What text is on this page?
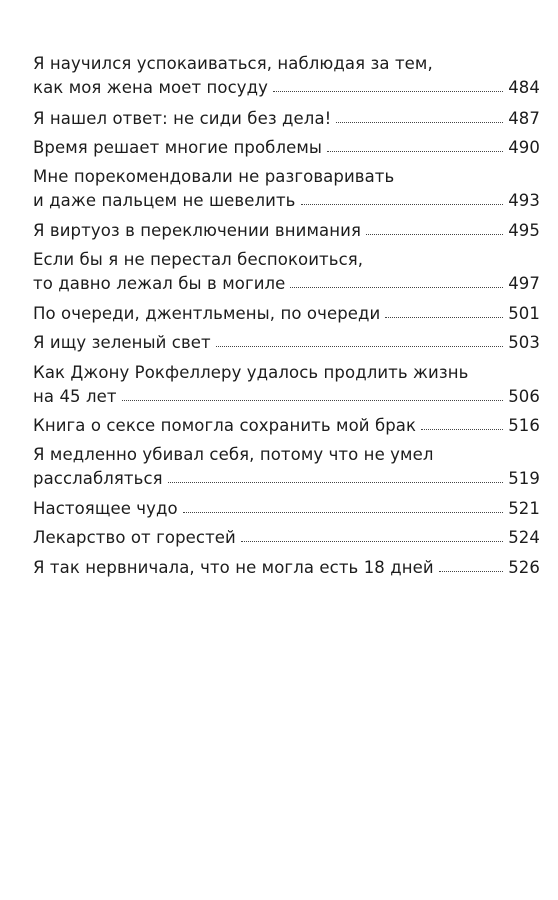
Я научился успокаиваться, наблюдая за тем,
как моя жена моет посуду	484
Я нашел ответ: не сиди без дела!	487
Время решает многие проблемы	490
Мне порекомендовали не разговаривать
и даже пальцем не шевелить	493
Я виртуоз в переключении внимания	495
Если бы я не перестал беспокоиться,
то давно лежал бы в могиле	497
По очереди, джентльмены, по очереди	501
Я ищу зеленый свет	503
Как Джону Рокфеллеру удалось продлить жизнь
на 45 лет	506
Книга о сексе помогла сохранить мой брак	516
Я медленно убивал себя, потому что не умел
расслабляться	519
Настоящее чудо	521
Лекарство от горестей	524
Я так нервничала, что не могла есть 18 дней	526
